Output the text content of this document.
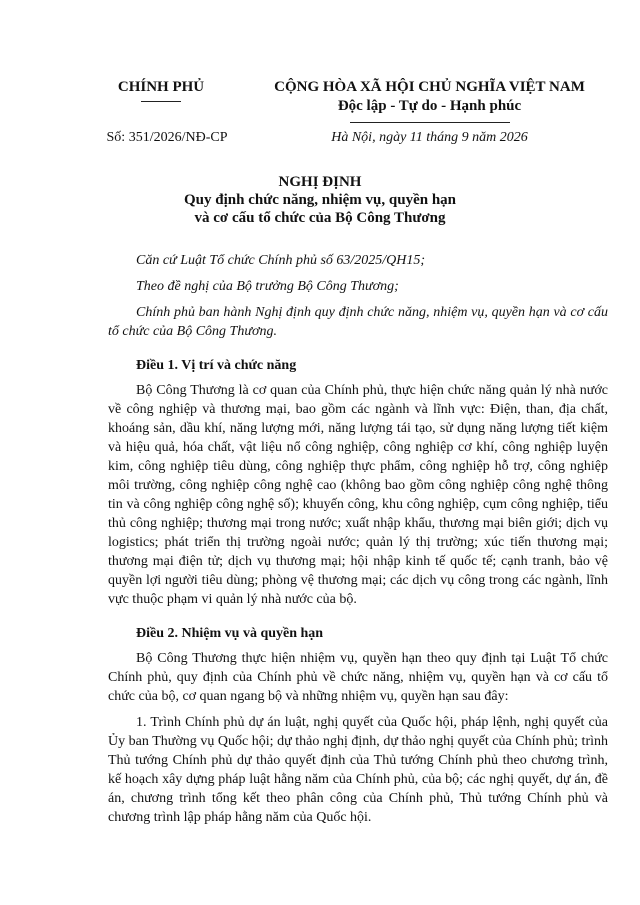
CHÍNH PHỦ	CỘNG HÒA XÃ HỘI CHỦ NGHĨA VIỆT NAM
Độc lập - Tự do - Hạnh phúc
Số: 351/2026/NĐ-CP	Hà Nội, ngày 11 tháng 9 năm 2026
NGHỊ ĐỊNH
Quy định chức năng, nhiệm vụ, quyền hạn
và cơ cấu tổ chức của Bộ Công Thương

Căn cứ Luật Tổ chức Chính phủ số 63/2025/QH15;

Theo đề nghị của Bộ trưởng Bộ Công Thương;

Chính phủ ban hành Nghị định quy định chức năng, nhiệm vụ, quyền hạn và cơ cấu tổ chức của Bộ Công Thương.

Điều 1. Vị trí và chức năng

Bộ Công Thương là cơ quan của Chính phủ, thực hiện chức năng quản lý nhà nước về công nghiệp và thương mại, bao gồm các ngành và lĩnh vực: Điện, than, địa chất, khoáng sản, dầu khí, năng lượng mới, năng lượng tái tạo, sử dụng năng lượng tiết kiệm và hiệu quả, hóa chất, vật liệu nổ công nghiệp, công nghiệp cơ khí, công nghiệp luyện kim, công nghiệp tiêu dùng, công nghiệp thực phẩm, công nghiệp hỗ trợ, công nghiệp môi trường, công nghiệp công nghệ cao (không bao gồm công nghiệp công nghệ thông tin và công nghiệp công nghệ số); khuyến công, khu công nghiệp, cụm công nghiệp, tiểu thủ công nghiệp; thương mại trong nước; xuất nhập khẩu, thương mại biên giới; dịch vụ logistics; phát triển thị trường ngoài nước; quản lý thị trường; xúc tiến thương mại; thương mại điện tử; dịch vụ thương mại; hội nhập kinh tế quốc tế; cạnh tranh, bảo vệ quyền lợi người tiêu dùng; phòng vệ thương mại; các dịch vụ công trong các ngành, lĩnh vực thuộc phạm vi quản lý nhà nước của bộ.

Điều 2. Nhiệm vụ và quyền hạn

Bộ Công Thương thực hiện nhiệm vụ, quyền hạn theo quy định tại Luật Tổ chức Chính phủ, quy định của Chính phủ về chức năng, nhiệm vụ, quyền hạn và cơ cấu tổ chức của bộ, cơ quan ngang bộ và những nhiệm vụ, quyền hạn sau đây:

1. Trình Chính phủ dự án luật, nghị quyết của Quốc hội, pháp lệnh, nghị quyết của Ủy ban Thường vụ Quốc hội; dự thảo nghị định, dự thảo nghị quyết của Chính phủ; trình Thủ tướng Chính phủ dự thảo quyết định của Thủ tướng Chính phủ theo chương trình, kế hoạch xây dựng pháp luật hằng năm của Chính phủ, của bộ; các nghị quyết, dự án, đề án, chương trình tổng kết theo phân công của Chính phủ, Thủ tướng Chính phủ và chương trình lập pháp hằng năm của Quốc hội.
